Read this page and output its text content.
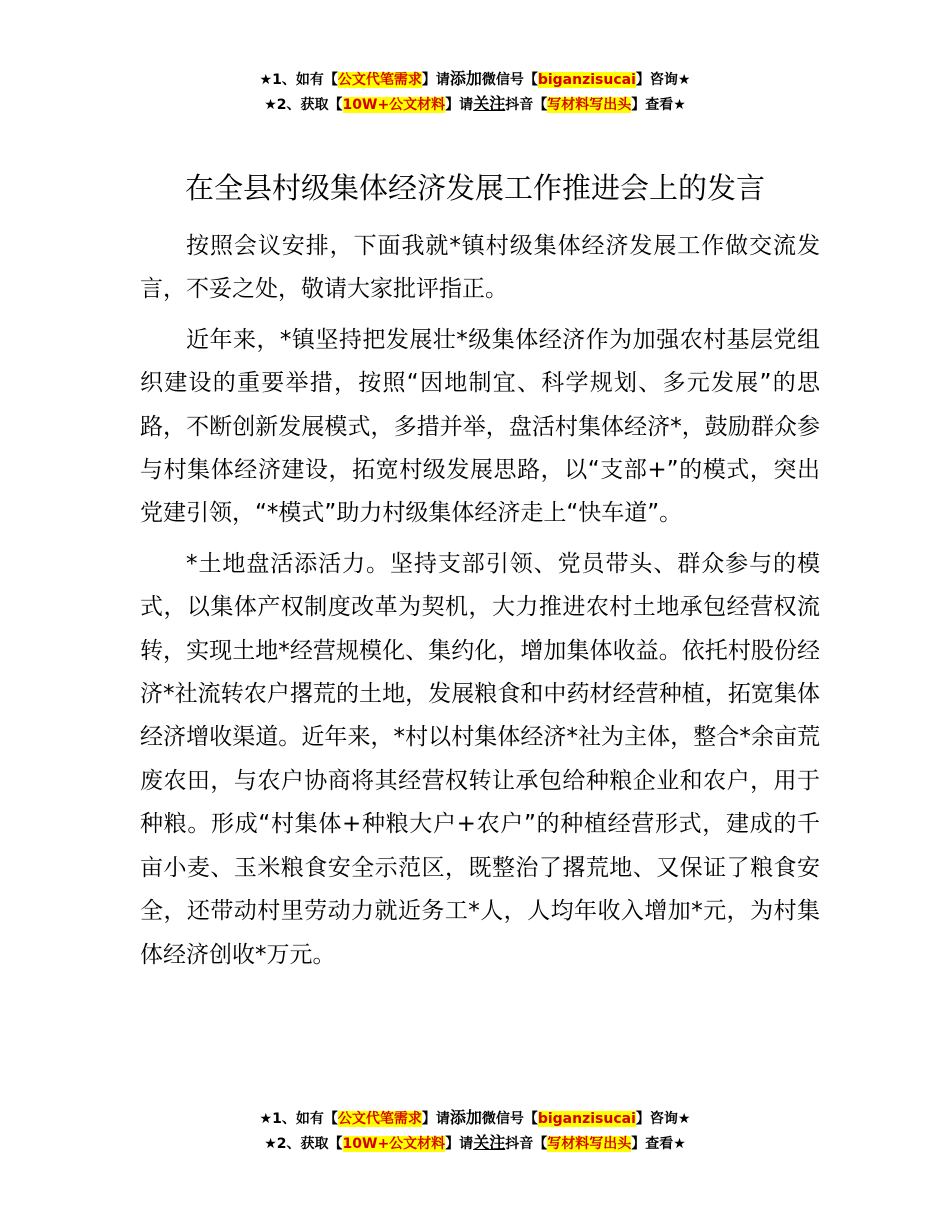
★1、如有【公文代笔需求】请添加微信号【biganzisucai】咨询★
★2、获取【10W+公文材料】请关注抖音【写材料写出头】查看★
在全县村级集体经济发展工作推进会上的发言

按照会议安排，下面我就*镇村级集体经济发展工作做交流发言，不妥之处，敬请大家批评指正。

近年来，*镇坚持把发展壮*级集体经济作为加强农村基层党组织建设的重要举措，按照“因地制宜、科学规划、多元发展”的思路，不断创新发展模式，多措并举，盘活村集体经济*，鼓励群众参与村集体经济建设，拓宽村级发展思路，以“支部+”的模式，突出党建引领，“*模式”助力村级集体经济走上“快车道”。

*土地盘活添活力。坚持支部引领、党员带头、群众参与的模式，以集体产权制度改革为契机，大力推进农村土地承包经营权流转，实现土地*经营规模化、集约化，增加集体收益。依托村股份经济*社流转农户撂荒的土地，发展粮食和中药材经营种植，拓宽集体经济增收渠道。近年来，*村以村集体经济*社为主体，整合*余亩荒废农田，与农户协商将其经营权转让承包给种粮企业和农户，用于种粮。形成“村集体+种粮大户+农户”的种植经营形式，建成的千亩小麦、玉米粮食安全示范区，既整治了撂荒地、又保证了粮食安全，还带动村里劳动力就近务工*人，人均年收入增加*元，为村集体经济创收*万元。

★1、如有【公文代笔需求】请添加微信号【biganzisucai】咨询★
★2、获取【10W+公文材料】请关注抖音【写材料写出头】查看★
